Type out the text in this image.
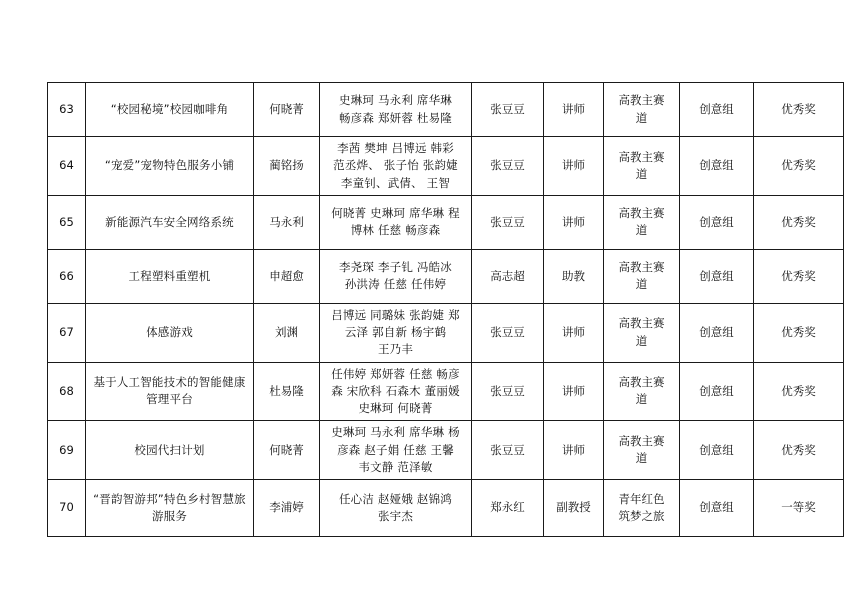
63	“校园秘境”校园咖啡角	何晓菁	史琳珂 马永利 席华琳
畅彦森 郑妍蓉 杜易隆	张豆豆	讲师	高教主赛
道	创意组	优秀奖
64	“宠爱”宠物特色服务小铺	蔺铭扬	李茜 樊坤 吕博远 韩彩
范丞烨、 张子怡 张韵婕
李童钊、武倩、 王智	张豆豆	讲师	高教主赛
道	创意组	优秀奖
65	新能源汽车安全网络系统	马永利	何晓菁 史琳珂 席华琳 程
博林 任慈 畅彦森	张豆豆	讲师	高教主赛
道	创意组	优秀奖
66	工程塑料重塑机	申超愈	李尧琛 李子钆 冯皓冰
孙洪涛 任慈 任伟婷	高志超	助教	高教主赛
道	创意组	优秀奖
67	体感游戏	刘渊	吕博远 同璐妹 张韵婕 郑
云泽 郭自新 杨宇鹤
王乃丰	张豆豆	讲师	高教主赛
道	创意组	优秀奖
68	基于人工智能技术的智能健康管理平台	杜易隆	任伟婷 郑妍蓉 任慈 畅彦
森 宋欣科 石森木 董丽媛
史琳珂 何晓菁	张豆豆	讲师	高教主赛
道	创意组	优秀奖
69	校园代扫计划	何晓菁	史琳珂 马永利 席华琳 杨
彦森 赵子娟 任慈 王馨
韦文静 范泽敏	张豆豆	讲师	高教主赛
道	创意组	优秀奖
70	“晋韵智游邦”特色乡村智慧旅游服务	李浦婷	任心洁 赵娅娥 赵锦鸿
张宇杰	郑永红	副教授	青年红色
筑梦之旅	创意组	一等奖
